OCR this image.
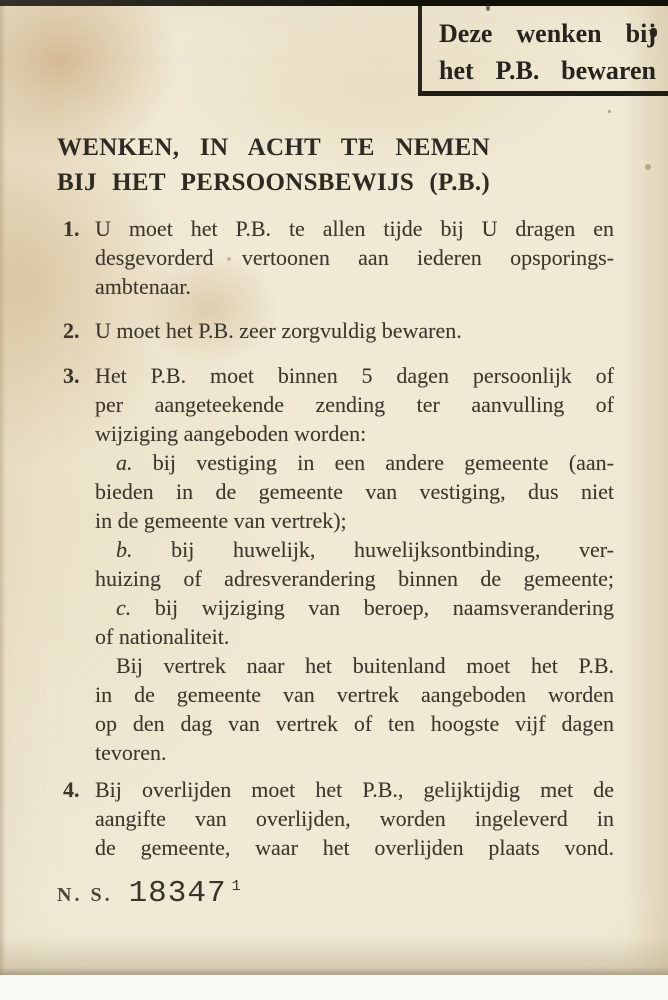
Deze wenken bij
het P.B. bewaren
WENKEN, IN ACHT TE NEMEN
BIJ HET PERSOONSBEWIJS (P.B.)
1. U moet het P.B. te allen tijde bij U dragen en
desgevorderd vertoonen aan iederen opsporings-
ambtenaar.
2. U moet het P.B. zeer zorgvuldig bewaren.
3. Het P.B. moet binnen 5 dagen persoonlijk of
per aangeteekende zending ter aanvulling of
wijziging aangeboden worden:
a. bij vestiging in een andere gemeente (aan-
bieden in de gemeente van vestiging, dus niet
in de gemeente van vertrek);
b. bij huwelijk, huwelijksontbinding, ver-
huizing of adresverandering binnen de gemeente;
c. bij wijziging van beroep, naamsverandering
of nationaliteit.
Bij vertrek naar het buitenland moet het P.B.
in de gemeente van vertrek aangeboden worden
op den dag van vertrek of ten hoogste vijf dagen
tevoren.
4. Bij overlijden moet het P.B., gelijktijdig met de
aangifte van overlijden, worden ingeleverd in
de gemeente, waar het overlijden plaats vond.
N. S. 18347 $^1$
